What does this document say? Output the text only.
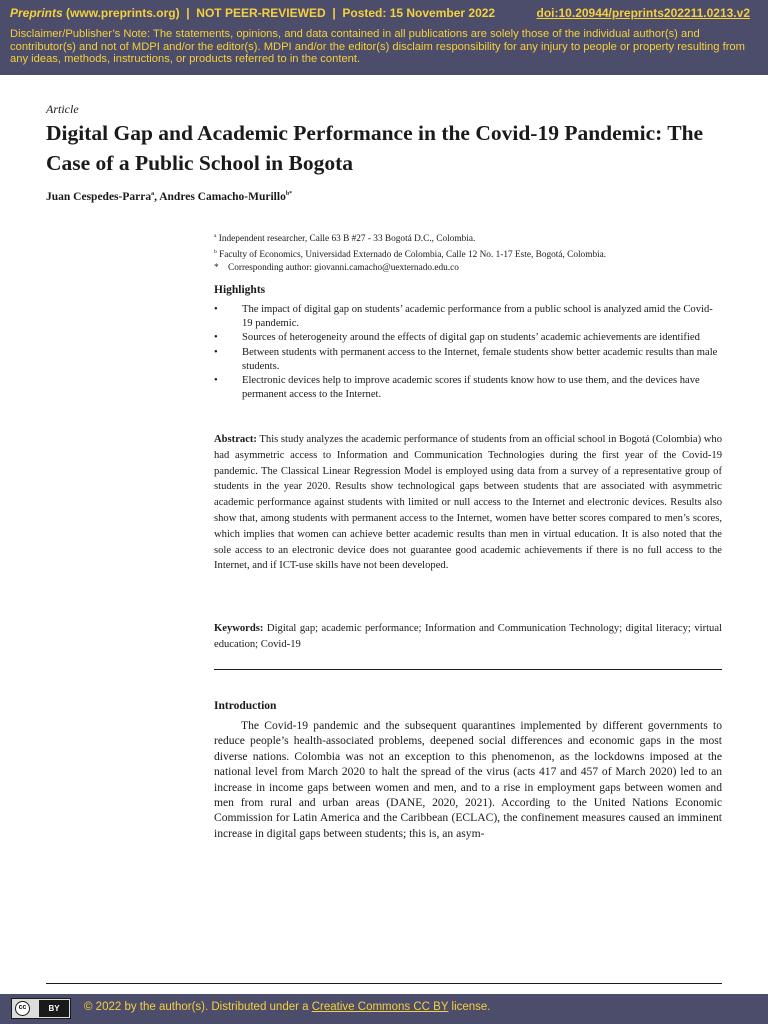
Preprints (www.preprints.org) | NOT PEER-REVIEWED | Posted: 15 November 2022	doi:10.20944/preprints202211.0213.v2
Disclaimer/Publisher’s Note: The statements, opinions, and data contained in all publications are solely those of the individual author(s) and contributor(s) and not of MDPI and/or the editor(s). MDPI and/or the editor(s) disclaim responsibility for any injury to people or property resulting from any ideas, methods, instructions, or products referred to in the content.
Article
Digital Gap and Academic Performance in the Covid-19 Pandemic: The Case of a Public School in Bogota
Juan Cespedes-Parra$^a$, Andres Camacho-Murillo$^{b*}$
$^a$ Independent researcher, Calle 63 B #27 - 33 Bogotá D.C., Colombia.
$^b$ Faculty of Economics, Universidad Externado de Colombia, Calle 12 No. 1-17 Este, Bogotá, Colombia.
* Corresponding author: giovanni.camacho@uexternado.edu.co
Highlights
• The impact of digital gap on students’ academic performance from a public school is analyzed amid the Covid-19 pandemic.
• Sources of heterogeneity around the effects of digital gap on students’ academic achievements are identified
• Between students with permanent access to the Internet, female students show better academic results than male students.
• Electronic devices help to improve academic scores if students know how to use them, and the devices have permanent access to the Internet.

Abstract: This study analyzes the academic performance of students from an official school in Bogotá (Colombia) who had asymmetric access to Information and Communication Technologies during the first year of the Covid-19 pandemic. The Classical Linear Regression Model is employed using data from a survey of a representative group of students in the year 2020. Results show technological gaps between students that are associated with asymmetric academic performance against students with limited or null access to the Internet and electronic devices. Results also show that, among students with permanent access to the Internet, women have better scores compared to men’s scores, which implies that women can achieve better academic results than men in virtual education. It is also noted that the sole access to an electronic device does not guarantee good academic achievements if there is no full access to the Internet, and if ICT-use skills have not been developed.

Keywords: Digital gap; academic performance; Information and Communication Technology; digital literacy; virtual education; Covid-19

Introduction

The Covid-19 pandemic and the subsequent quarantines implemented by different governments to reduce people’s health-associated problems, deepened social differences and economic gaps in the most diverse nations. Colombia was not an exception to this phenomenon, as the lockdowns imposed at the national level from March 2020 to halt the spread of the virus (acts 417 and 457 of March 2020) led to an increase in income gaps between women and men, and to a rise in employment gaps between women and men from rural and urban areas (DANE, 2020, 2021). According to the United Nations Economic Commission for Latin America and the Caribbean (ECLAC), the confinement measures caused an imminent increase in digital gaps between students; this is, an asym-

cc	BY	© 2022 by the author(s). Distributed under a Creative Commons CC BY license.
